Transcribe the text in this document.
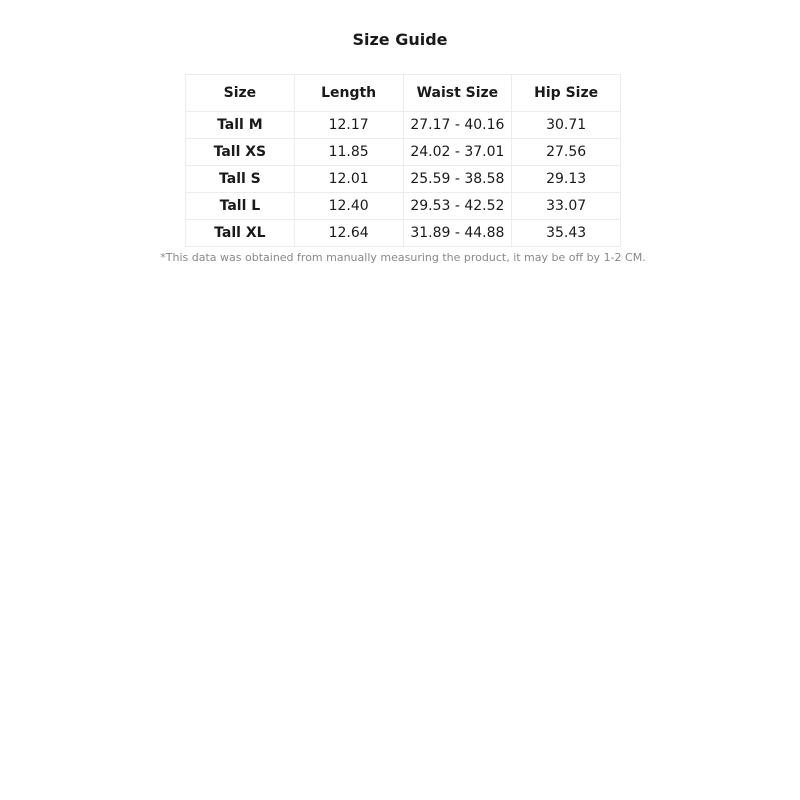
Size Guide
Size	Length	Waist Size	Hip Size
Tall M	12.17	27.17 - 40.16	30.71
Tall XS	11.85	24.02 - 37.01	27.56
Tall S	12.01	25.59 - 38.58	29.13
Tall L	12.40	29.53 - 42.52	33.07
Tall XL	12.64	31.89 - 44.88	35.43
*This data was obtained from manually measuring the product, it may be off by 1-2 CM.
